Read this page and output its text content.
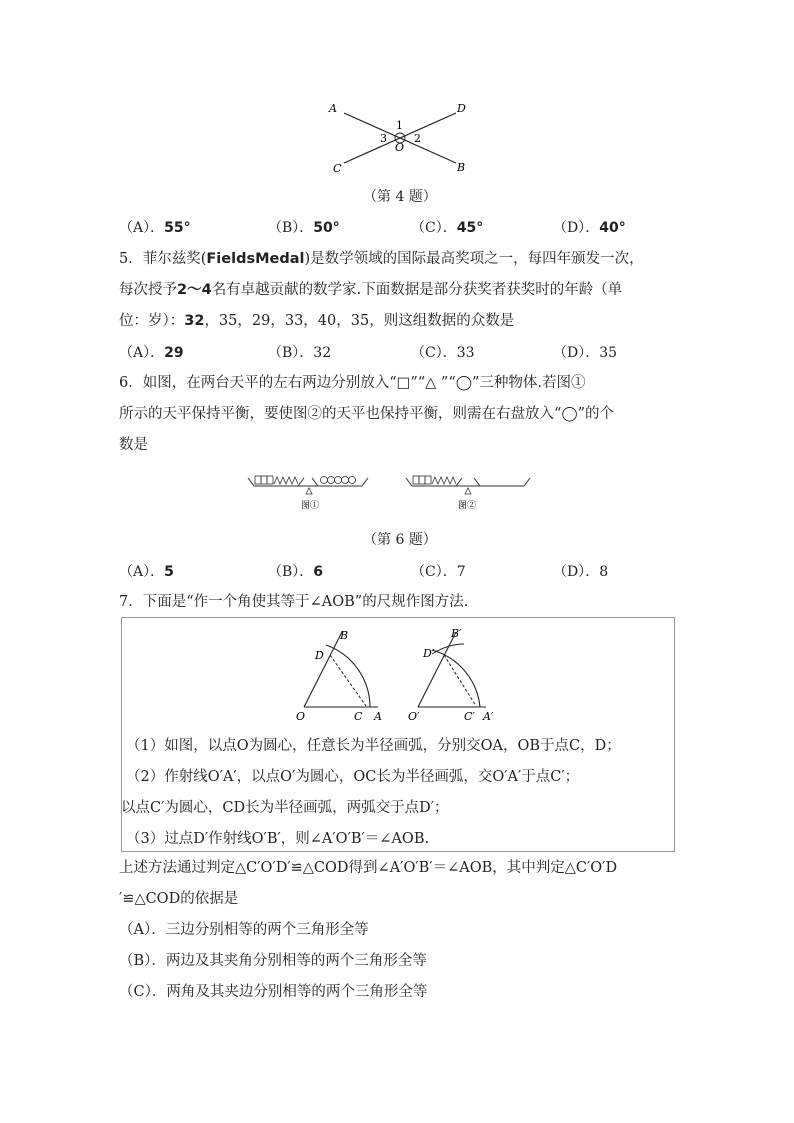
A	D
C	B
O
1
2
3
（第 4 题）
（A）．55°	（B）．50°	（C）．45°	（D）．40°
5．菲尔兹奖(FieldsMedal)是数学领域的国际最高奖项之一，每四年颁发一次，
每次授予2～4名有卓越贡献的数学家.下面数据是部分获奖者获奖时的年龄（单
位：岁）：32，35，29，33，40，35，则这组数据的众数是
（A）．29	（B）．32	（C）．33	（D）．35
6．如图，在两台天平的左右两边分别放入“□”“△ ”“◯”三种物体.若图①
所示的天平保持平衡，要使图②的天平也保持平衡，则需在右盘放入“◯”的个
数是
图①	图②
（第 6 题）
（A）．5	（B）．6	（C）．7	（D）．8
7．下面是“作一个角使其等于∠AOB”的尺规作图方法.
B
D
O	C A
B′
D′
O′	C′ A′
（1）如图，以点O为圆心，任意长为半径画弧，分别交OA，OB于点C，D；
（2）作射线O′A′，以点O′为圆心，OC长为半径画弧，交O′A′于点C′；
以点C′为圆心，CD长为半径画弧，两弧交于点D′；
（3）过点D′作射线O′B′，则∠A′O′B′＝∠AOB.
上述方法通过判定△C′O′D′≌△COD得到∠A′O′B′＝∠AOB，其中判定△C′O′D
′≌△COD的依据是
（A）．三边分别相等的两个三角形全等
（B）．两边及其夹角分别相等的两个三角形全等
（C）．两角及其夹边分别相等的两个三角形全等
